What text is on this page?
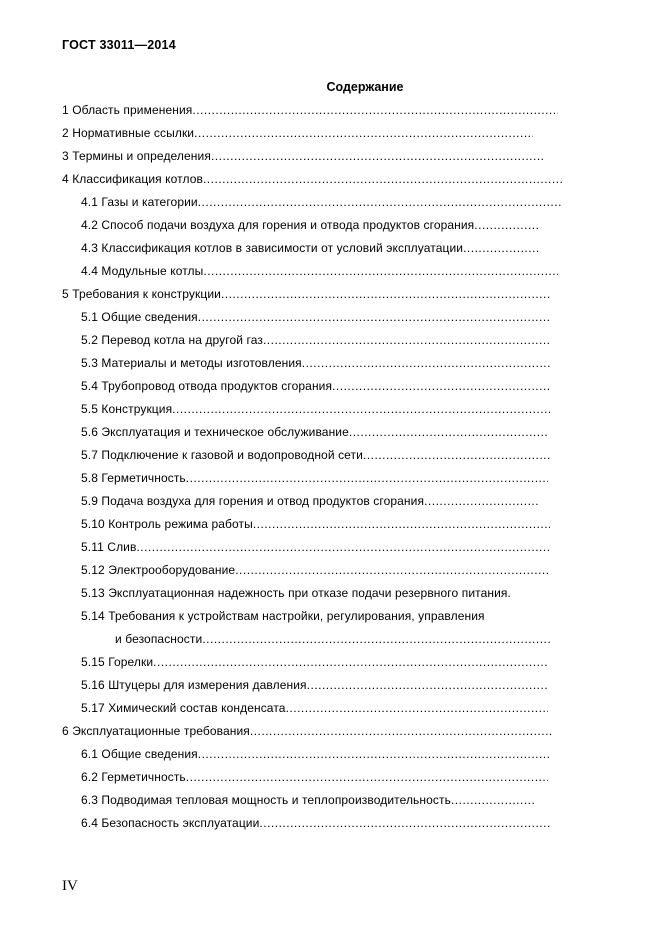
ГОСТ 33011—2014
Содержание
1 Область применения
.....
2 Нормативные ссылки
.....
3 Термины и определения
.....
4 Классификация котлов
.....
4.1 Газы и категории
.....
4.2 Способ подачи воздуха для горения и отвода продуктов сгорания
.....
4.3 Классификация котлов в зависимости от условий эксплуатации
.....
4.4 Модульные котлы
.....
5 Требования к конструкции
.....
5.1 Общие сведения
.....
5.2 Перевод котла на другой газ
.....
5.3 Материалы и методы изготовления
.....
5.4 Трубопровод отвода продуктов сгорания
.....
5.5 Конструкция
.....
5.6 Эксплуатация и техническое обслуживание
.....
5.7 Подключение к газовой и водопроводной сети
.....
5.8 Герметичность
.....
5.9 Подача воздуха для горения и отвод продуктов сгорания
.....
5.10 Контроль режима работы
.....
5.11 Слив
.....
5.12 Электрооборудование
.....
5.13 Эксплуатационная надежность при отказе подачи резервного питания.
5.14 Требования к устройствам настройки, регулирования, управления
и безопасности
.....
5.15 Горелки
.....
5.16 Штуцеры для измерения давления
.....
5.17 Химический состав конденсата
.....
6 Эксплуатационные требования
.....
6.1 Общие сведения
.....
6.2 Герметичность
.....
6.3 Подводимая тепловая мощность и теплопроизводительность
.....
6.4 Безопасность эксплуатации
.....
IV
